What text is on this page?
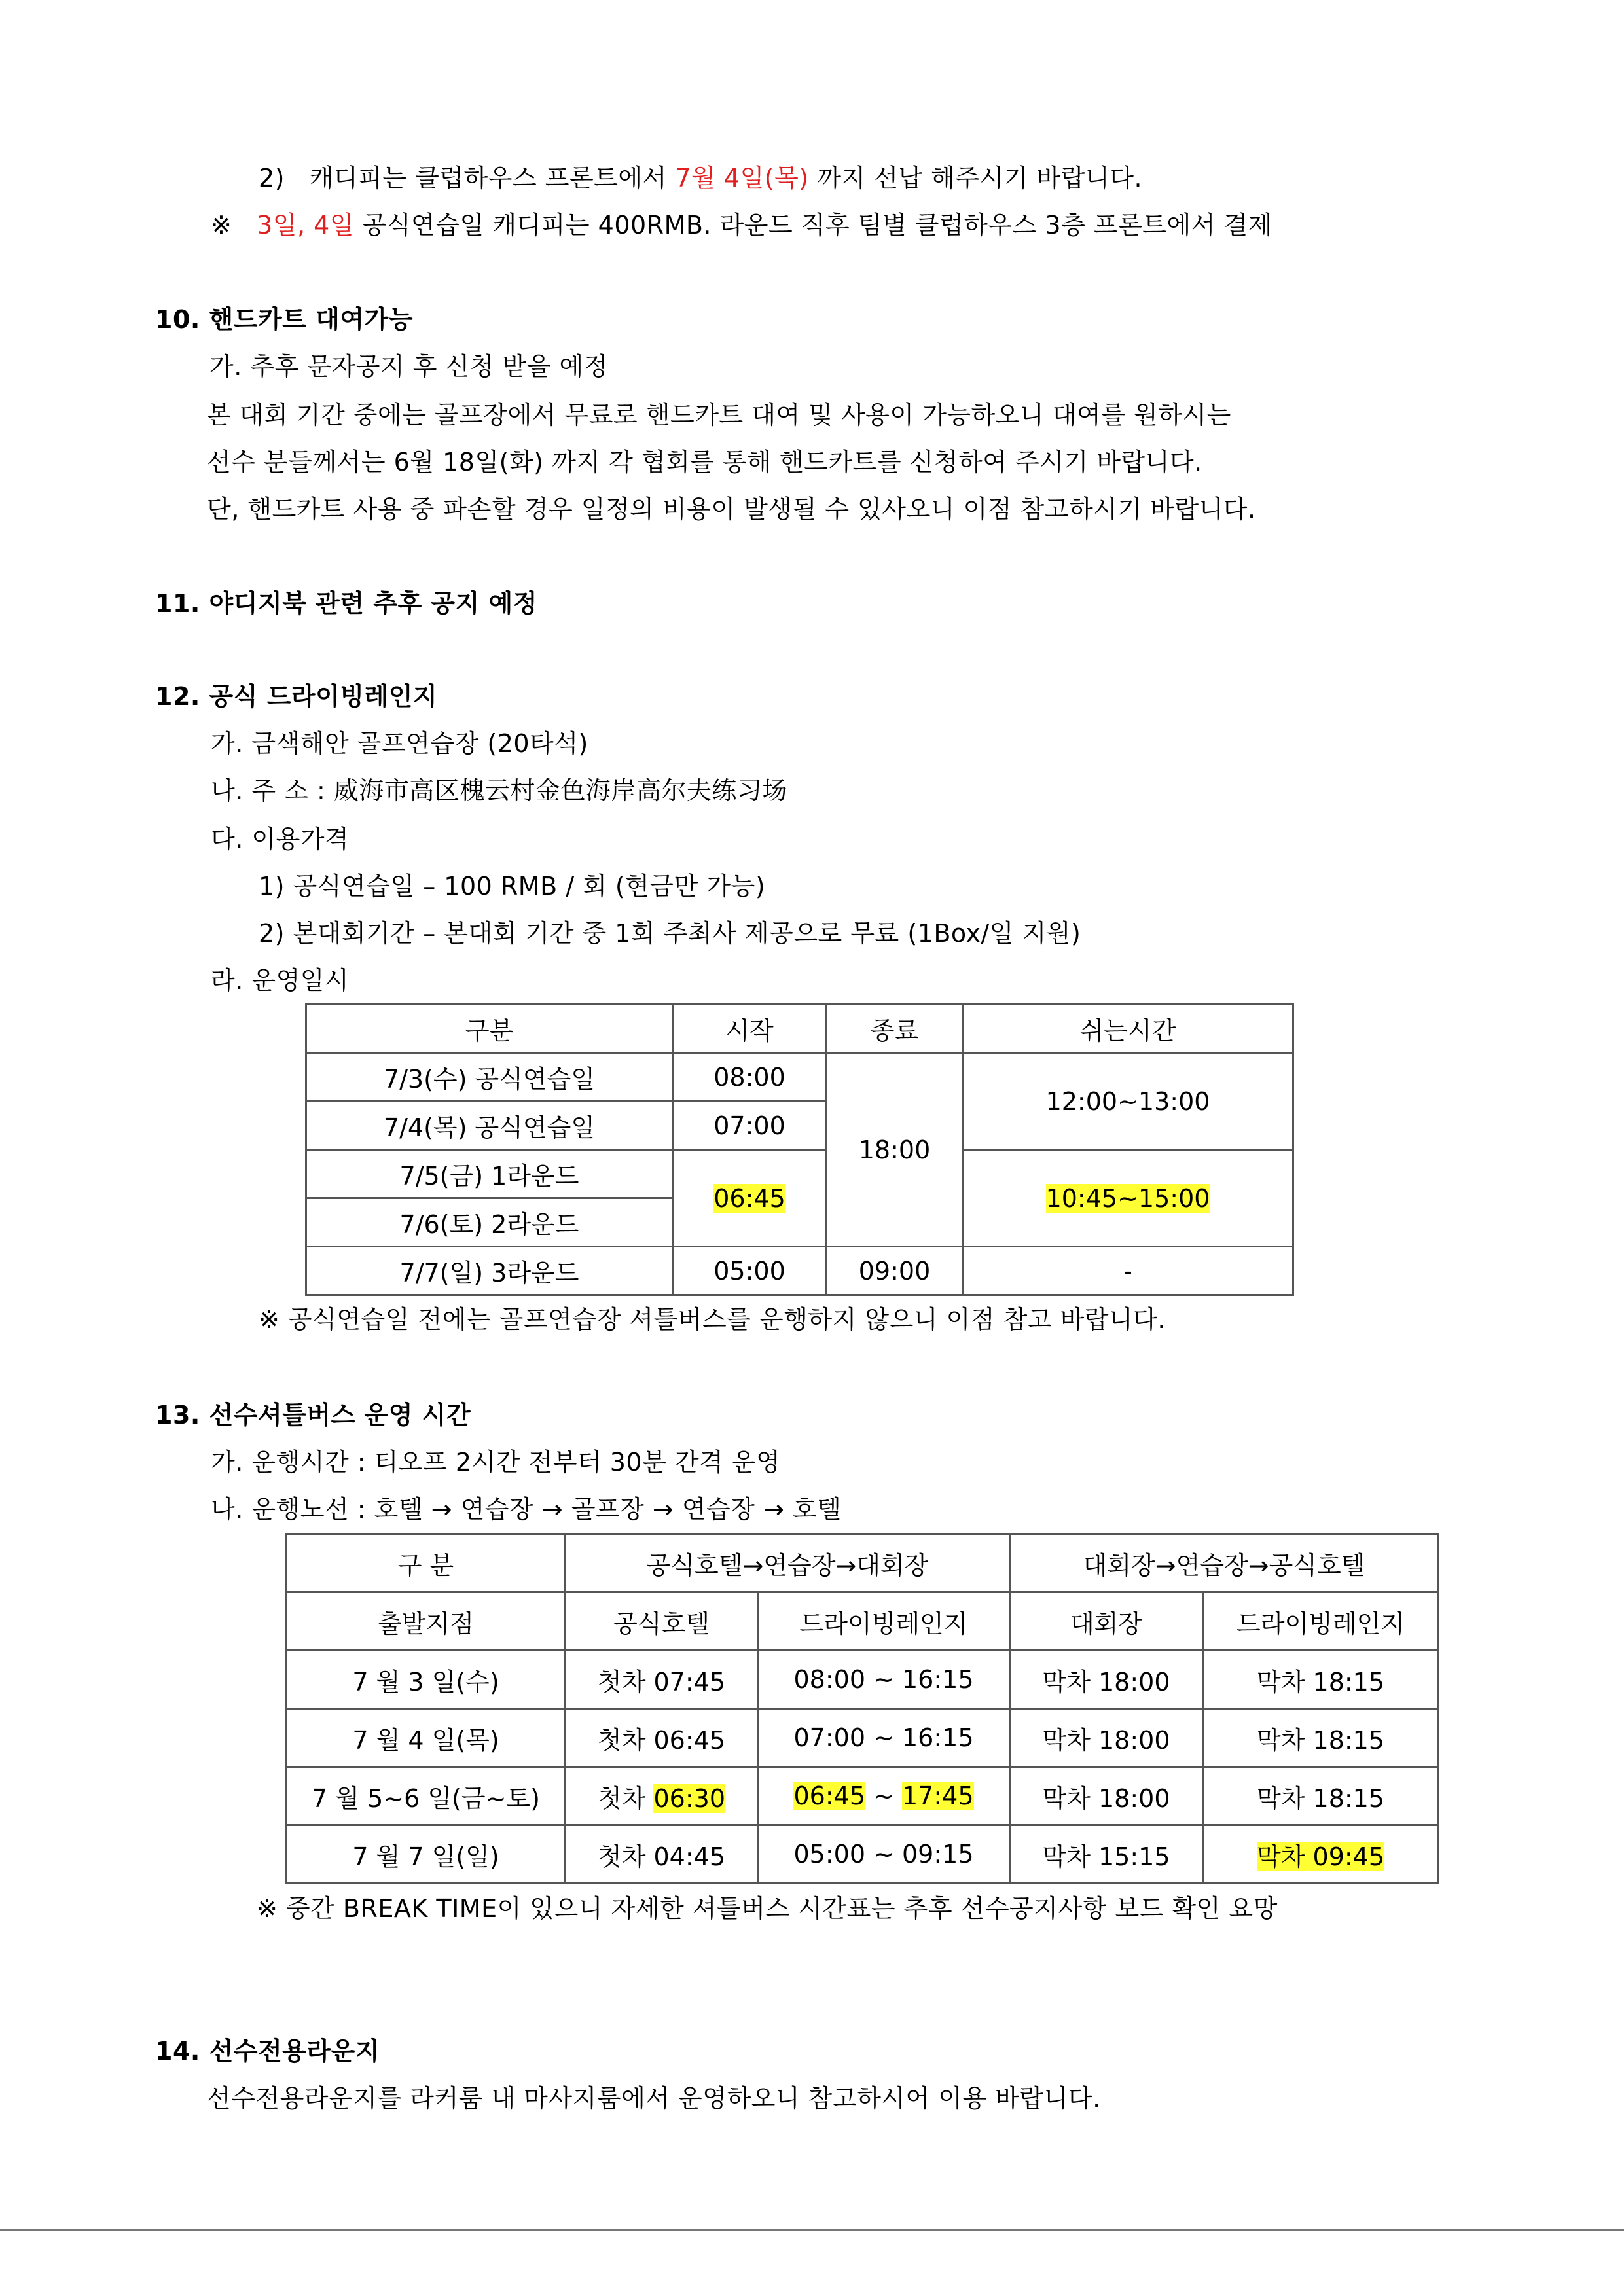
2) 캐디피는 클럽하우스 프론트에서 7월 4일(목) 까지 선납 해주시기 바랍니다.
※ 3일, 4일 공식연습일 캐디피는 400RMB. 라운드 직후 팀별 클럽하우스 3층 프론트에서 결제
10. 핸드카트 대여가능
가. 추후 문자공지 후 신청 받을 예정
본 대회 기간 중에는 골프장에서 무료로 핸드카트 대여 및 사용이 가능하오니 대여를 원하시는
선수 분들께서는 6월 18일(화) 까지 각 협회를 통해 핸드카트를 신청하여 주시기 바랍니다.
단, 핸드카트 사용 중 파손할 경우 일정의 비용이 발생될 수 있사오니 이점 참고하시기 바랍니다.
11. 야디지북 관련 추후 공지 예정
12. 공식 드라이빙레인지
가. 금색해안 골프연습장 (20타석)
나. 주 소 : 威海市高区槐云村金色海岸高尔夫练习场
다. 이용가격
1) 공식연습일 – 100 RMB / 회 (현금만 가능)
2) 본대회기간 – 본대회 기간 중 1회 주최사 제공으로 무료 (1Box/일 지원)
라. 운영일시
구분	시작	종료	쉬는시간
7/3(수) 공식연습일	08:00	18:00	12:00~13:00
7/4(목) 공식연습일	07:00		
7/5(금) 1라운드	06:45		10:45~15:00
7/6(토) 2라운드			
7/7(일) 3라운드	05:00	09:00	-
※ 공식연습일 전에는 골프연습장 셔틀버스를 운행하지 않으니 이점 참고 바랍니다.
13. 선수셔틀버스 운영 시간
가. 운행시간 : 티오프 2시간 전부터 30분 간격 운영
나. 운행노선 : 호텔 → 연습장 → 골프장 → 연습장 → 호텔
구 분	공식호텔→연습장→대회장		대회장→연습장→공식호텔	
출발지점	공식호텔	드라이빙레인지	대회장	드라이빙레인지
7 월 3 일(수)	첫차 07:45	08:00 ~ 16:15	막차 18:00	막차 18:15
7 월 4 일(목)	첫차 06:45	07:00 ~ 16:15	막차 18:00	막차 18:15
7 월 5~6 일(금~토)	첫차 06:30	06:45 ~ 17:45	막차 18:00	막차 18:15
7 월 7 일(일)	첫차 04:45	05:00 ~ 09:15	막차 15:15	막차 09:45
※ 중간 BREAK TIME이 있으니 자세한 셔틀버스 시간표는 추후 선수공지사항 보드 확인 요망
14. 선수전용라운지
선수전용라운지를 라커룸 내 마사지룸에서 운영하오니 참고하시어 이용 바랍니다.
